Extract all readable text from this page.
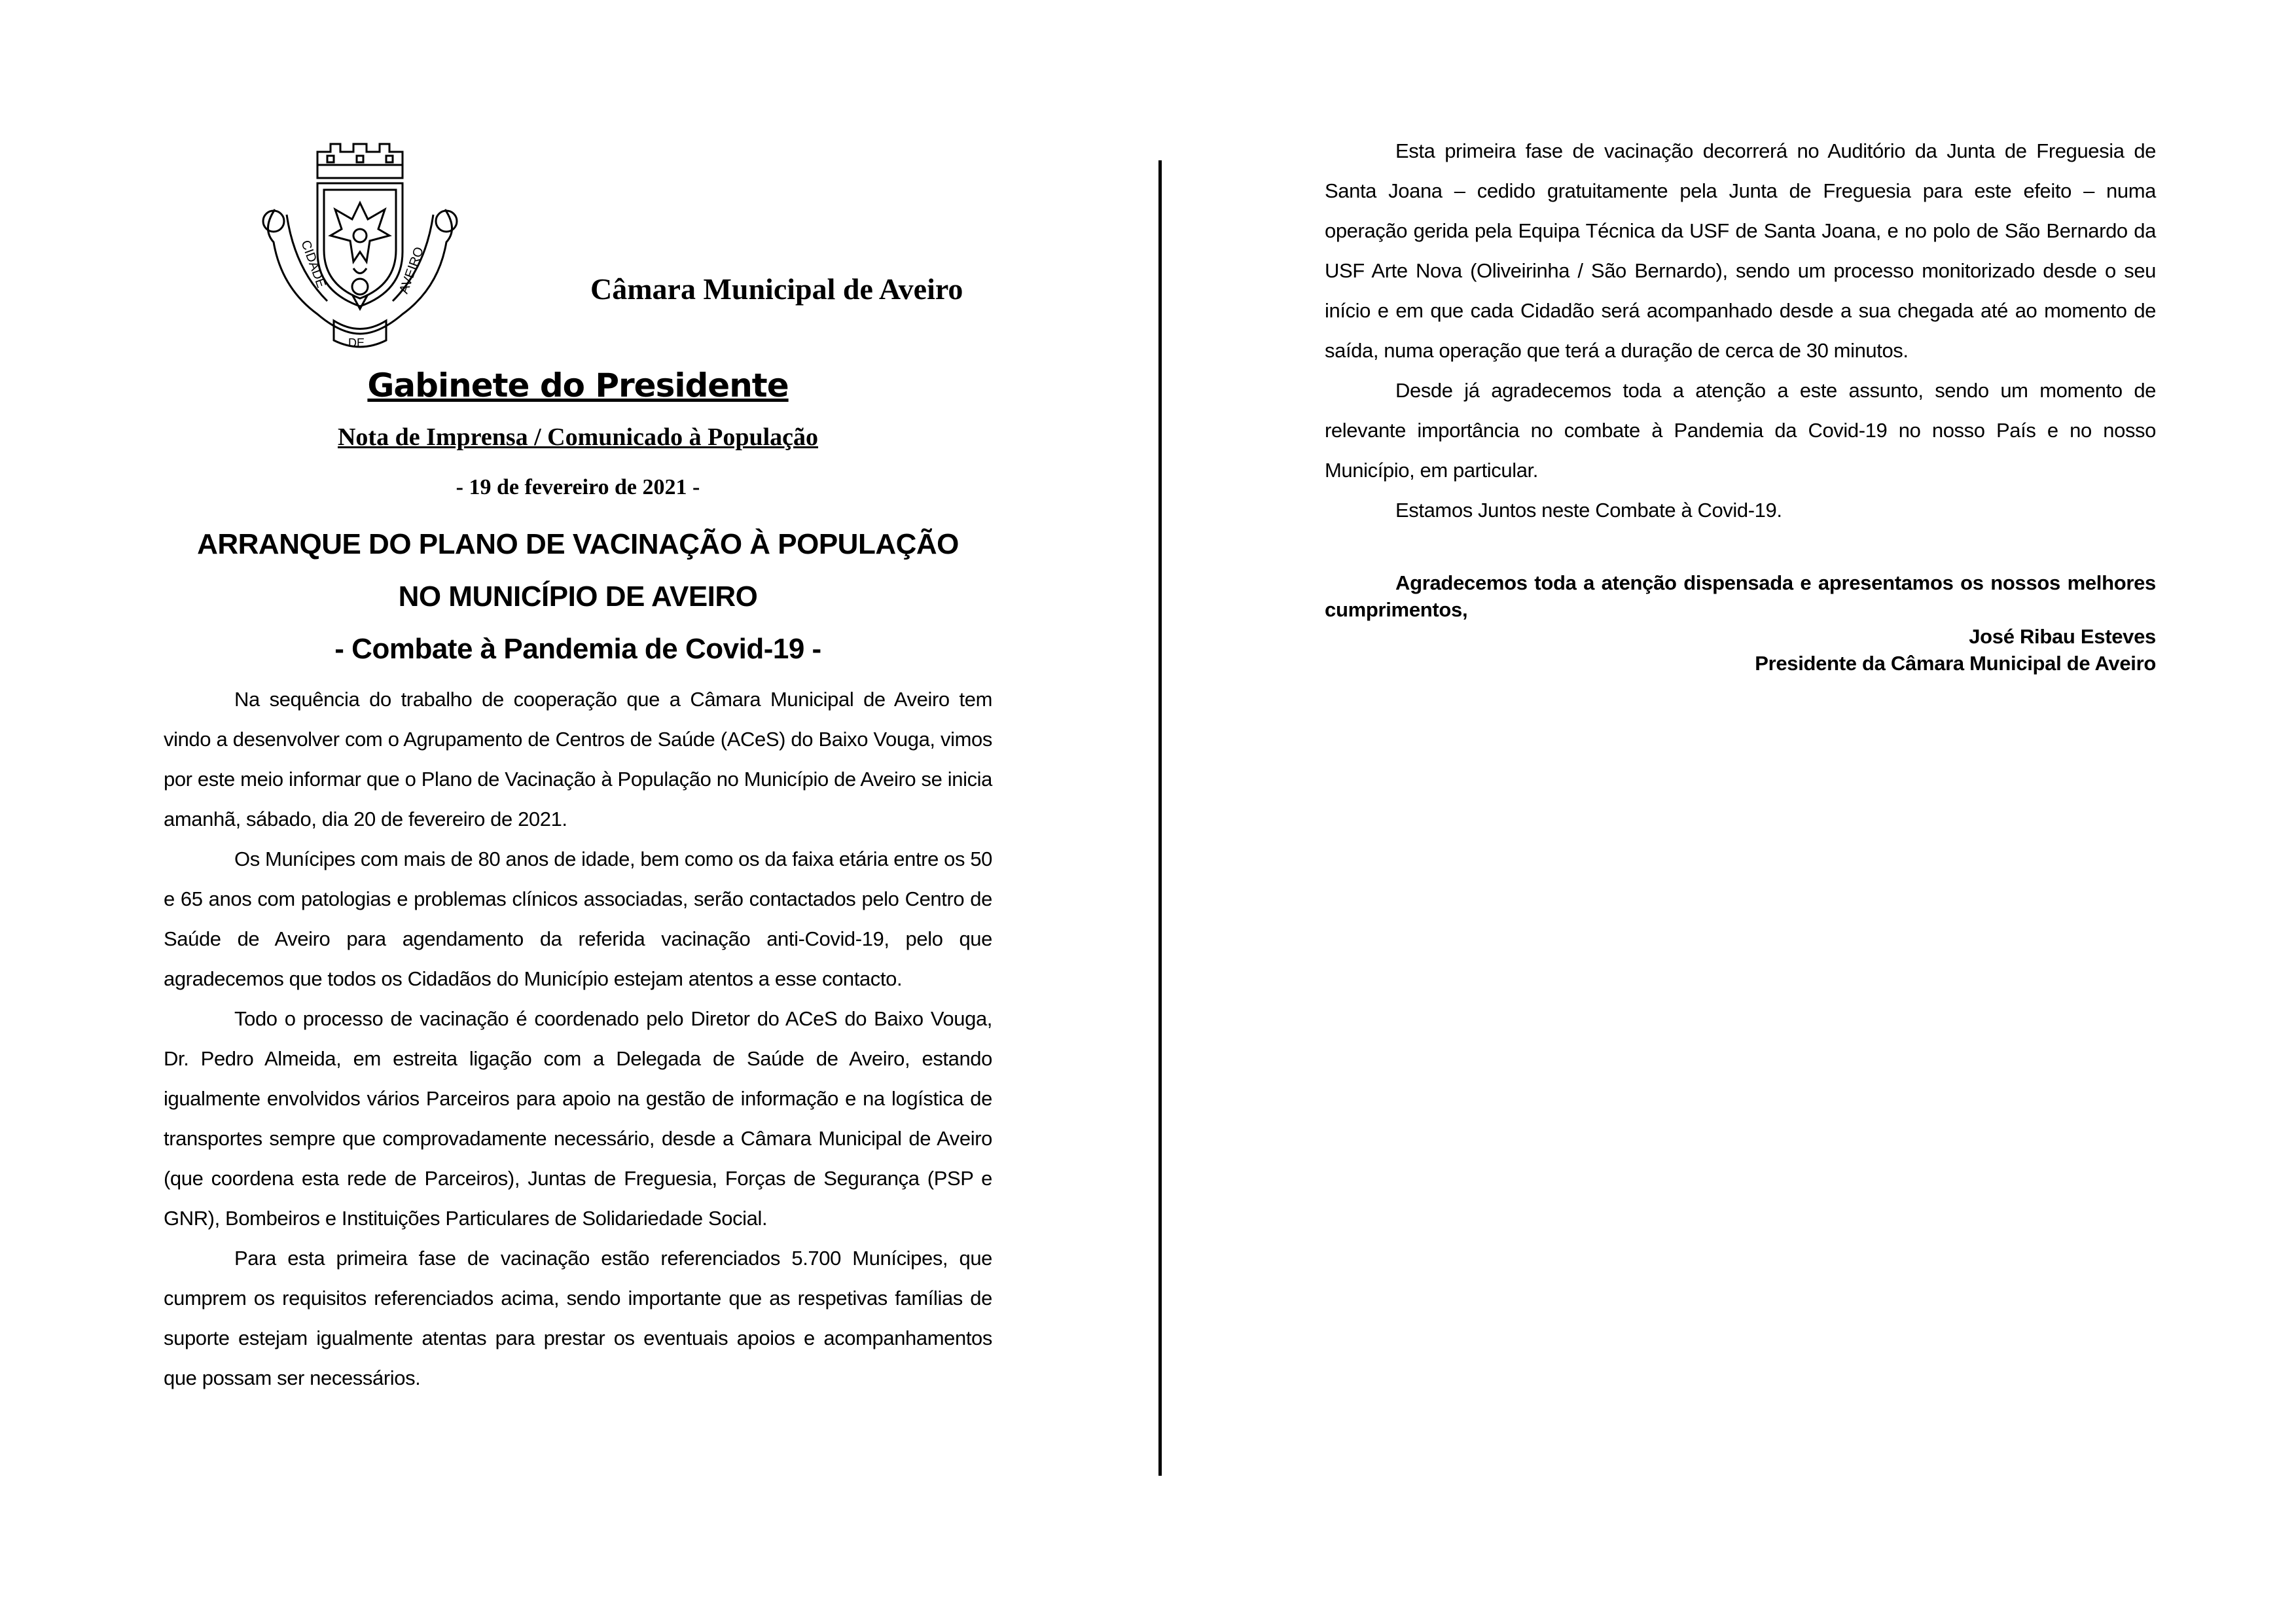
CIDADE
DE
AVEIRO	Câmara Municipal de Aveiro
Gabinete do Presidente
Nota de Imprensa / Comunicado à População
- 19 de fevereiro de 2021 -
ARRANQUE DO PLANO DE VACINAÇÃO À POPULAÇÃO
NO MUNICÍPIO DE AVEIRO
- Combate à Pandemia de Covid-19 -

Na sequência do trabalho de cooperação que a Câmara Municipal de Aveiro tem vindo a desenvolver com o Agrupamento de Centros de Saúde (ACeS) do Baixo Vouga, vimos por este meio informar que o Plano de Vacinação à População no Município de Aveiro se inicia amanhã, sábado, dia 20 de fevereiro de 2021.

Os Munícipes com mais de 80 anos de idade, bem como os da faixa etária entre os 50 e 65 anos com patologias e problemas clínicos associadas, serão contactados pelo Centro de Saúde de Aveiro para agendamento da referida vacinação anti-Covid-19, pelo que agradecemos que todos os Cidadãos do Município estejam atentos a esse contacto.

Todo o processo de vacinação é coordenado pelo Diretor do ACeS do Baixo Vouga, Dr. Pedro Almeida, em estreita ligação com a Delegada de Saúde de Aveiro, estando igualmente envolvidos vários Parceiros para apoio na gestão de informação e na logística de transportes sempre que comprovadamente necessário, desde a Câmara Municipal de Aveiro (que coordena esta rede de Parceiros), Juntas de Freguesia, Forças de Segurança (PSP e GNR), Bombeiros e Instituições Particulares de Solidariedade Social.

Para esta primeira fase de vacinação estão referenciados 5.700 Munícipes, que cumprem os requisitos referenciados acima, sendo importante que as respetivas famílias de suporte estejam igualmente atentas para prestar os eventuais apoios e acompanhamentos que possam ser necessários.

Esta primeira fase de vacinação decorrerá no Auditório da Junta de Freguesia de Santa Joana – cedido gratuitamente pela Junta de Freguesia para este efeito – numa operação gerida pela Equipa Técnica da USF de Santa Joana, e no polo de São Bernardo da USF Arte Nova (Oliveirinha / São Bernardo), sendo um processo monitorizado desde o seu início e em que cada Cidadão será acompanhado desde a sua chegada até ao momento de saída, numa operação que terá a duração de cerca de 30 minutos.

Desde já agradecemos toda a atenção a este assunto, sendo um momento de relevante importância no combate à Pandemia da Covid-19 no nosso País e no nosso Município, em particular.

Estamos Juntos neste Combate à Covid-19.

Agradecemos toda a atenção dispensada e apresentamos os nossos melhores cumprimentos,

José Ribau Esteves
Presidente da Câmara Municipal de Aveiro
